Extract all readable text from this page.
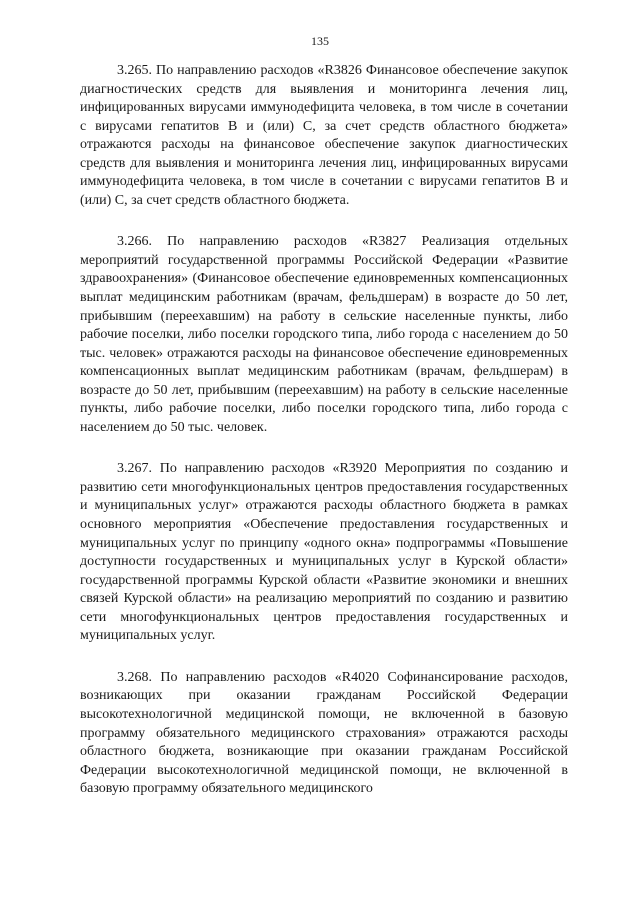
135

3.265. По направлению расходов «R3826 Финансовое обеспечение закупок диагностических средств для выявления и мониторинга лечения лиц, инфицированных вирусами иммунодефицита человека, в том числе в сочетании с вирусами гепатитов В и (или) С, за счет средств областного бюджета» отражаются расходы на финансовое обеспечение закупок диагностических средств для выявления и мониторинга лечения лиц, инфицированных вирусами иммунодефицита человека, в том числе в сочетании с вирусами гепатитов В и (или) С, за счет средств областного бюджета.

3.266. По направлению расходов «R3827 Реализация отдельных мероприятий государственной программы Российской Федерации «Развитие здравоохранения» (Финансовое обеспечение единовременных компенсационных выплат медицинским работникам (врачам, фельдшерам) в возрасте до 50 лет, прибывшим (переехавшим) на работу в сельские населенные пункты, либо рабочие поселки, либо поселки городского типа, либо города с населением до 50 тыс. человек» отражаются расходы на финансовое обеспечение единовременных компенсационных выплат медицинским работникам (врачам, фельдшерам) в возрасте до 50 лет, прибывшим (переехавшим) на работу в сельские населенные пункты, либо рабочие поселки, либо поселки городского типа, либо города с населением до 50 тыс. человек.

3.267. По направлению расходов «R3920 Мероприятия по созданию и развитию сети многофункциональных центров предоставления государственных и муниципальных услуг» отражаются расходы областного бюджета в рамках основного мероприятия «Обеспечение предоставления государственных и муниципальных услуг по принципу «одного окна» подпрограммы «Повышение доступности государственных и муниципальных услуг в Курской области» государственной программы Курской области «Развитие экономики и внешних связей Курской области» на реализацию мероприятий по созданию и развитию сети многофункциональных центров предоставления государственных и муниципальных услуг.

3.268. По направлению расходов «R4020 Софинансирование расходов, возникающих при оказании гражданам Российской Федерации высокотехнологичной медицинской помощи, не включенной в базовую программу обязательного медицинского страхования» отражаются расходы областного бюджета, возникающие при оказании гражданам Российской Федерации высокотехнологичной медицинской помощи, не включенной в базовую программу обязательного медицинского
